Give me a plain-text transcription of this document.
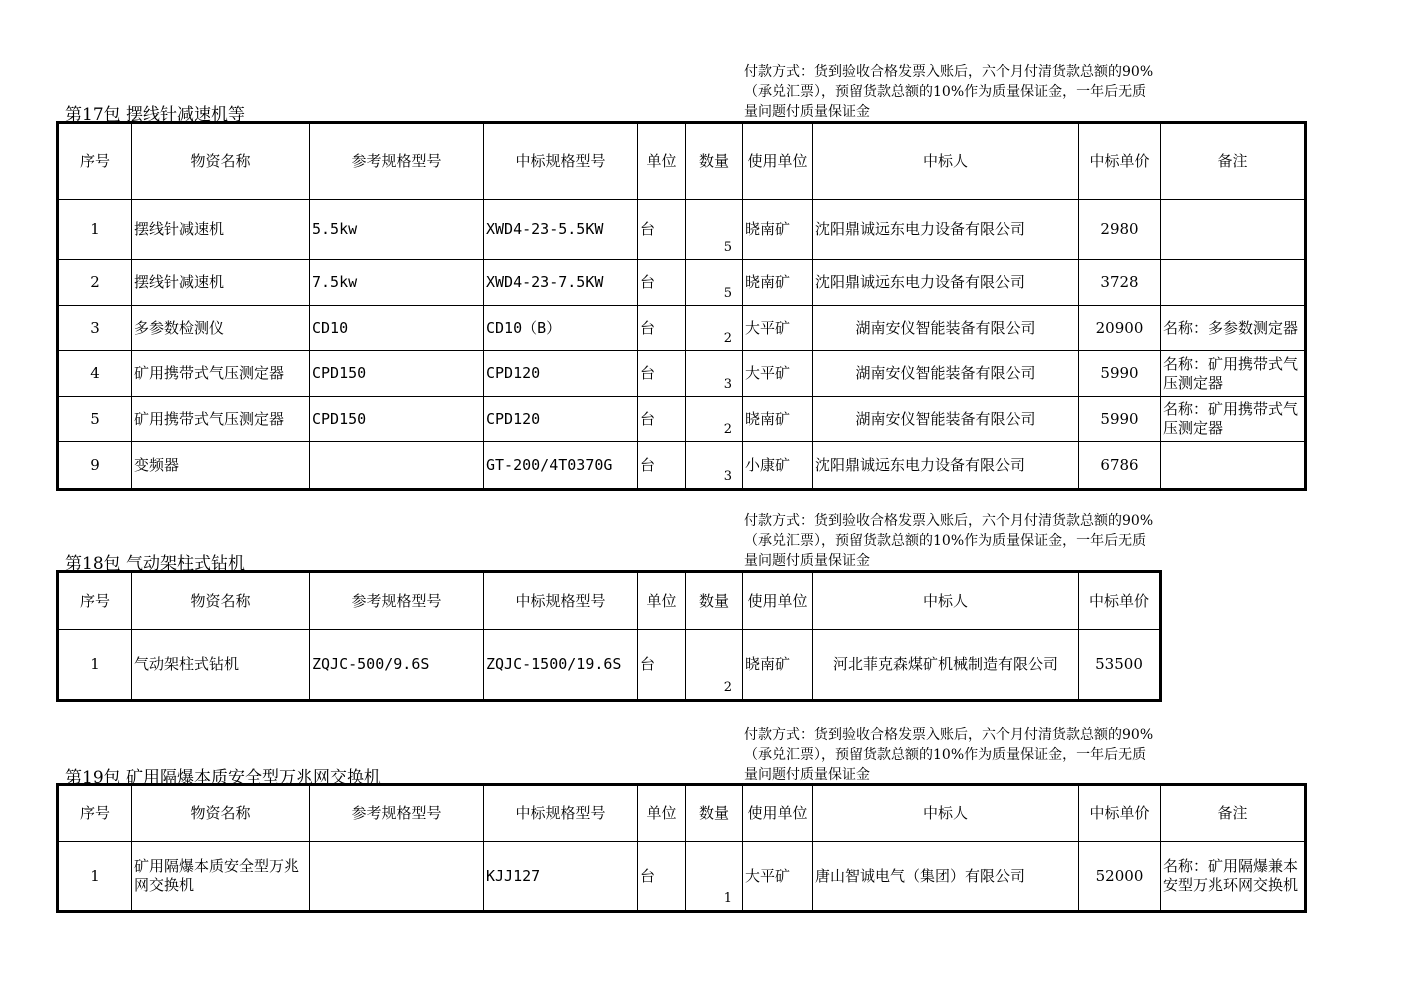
付款方式：货到验收合格发票入账后，六个月付清货款总额的90%（承兑汇票），预留货款总额的10%作为质量保证金，一年后无质量问题付质量保证金
第17包 摆线针减速机等
序号	物资名称	参考规格型号	中标规格型号	单位	数量	使用单位	中标人	中标单价	备注
1	摆线针减速机	5.5kw	XWD4-23-5.5KW	台	5	晓南矿	沈阳鼎诚远东电力设备有限公司	2980	
2	摆线针减速机	7.5kw	XWD4-23-7.5KW	台	5	晓南矿	沈阳鼎诚远东电力设备有限公司	3728	
3	多参数检测仪	CD10	CD10（B）	台	2	大平矿	湖南安仪智能装备有限公司	20900	名称：多参数测定器
4	矿用携带式气压测定器	CPD150	CPD120	台	3	大平矿	湖南安仪智能装备有限公司	5990	名称：矿用携带式气压测定器
5	矿用携带式气压测定器	CPD150	CPD120	台	2	晓南矿	湖南安仪智能装备有限公司	5990	名称：矿用携带式气压测定器
9	变频器		GT-200/4T0370G	台	3	小康矿	沈阳鼎诚远东电力设备有限公司	6786	
付款方式：货到验收合格发票入账后，六个月付清货款总额的90%（承兑汇票），预留货款总额的10%作为质量保证金，一年后无质量问题付质量保证金
第18包 气动架柱式钻机
序号	物资名称	参考规格型号	中标规格型号	单位	数量	使用单位	中标人	中标单价
1	气动架柱式钻机	ZQJC-500/9.6S	ZQJC-1500/19.6S	台	2	晓南矿	河北菲克森煤矿机械制造有限公司	53500
付款方式：货到验收合格发票入账后，六个月付清货款总额的90%（承兑汇票），预留货款总额的10%作为质量保证金，一年后无质量问题付质量保证金
第19包 矿用隔爆本质安全型万兆网交换机
序号	物资名称	参考规格型号	中标规格型号	单位	数量	使用单位	中标人	中标单价	备注
1	矿用隔爆本质安全型万兆网交换机		KJJ127	台	1	大平矿	唐山智诚电气（集团）有限公司	52000	名称：矿用隔爆兼本安型万兆环网交换机
